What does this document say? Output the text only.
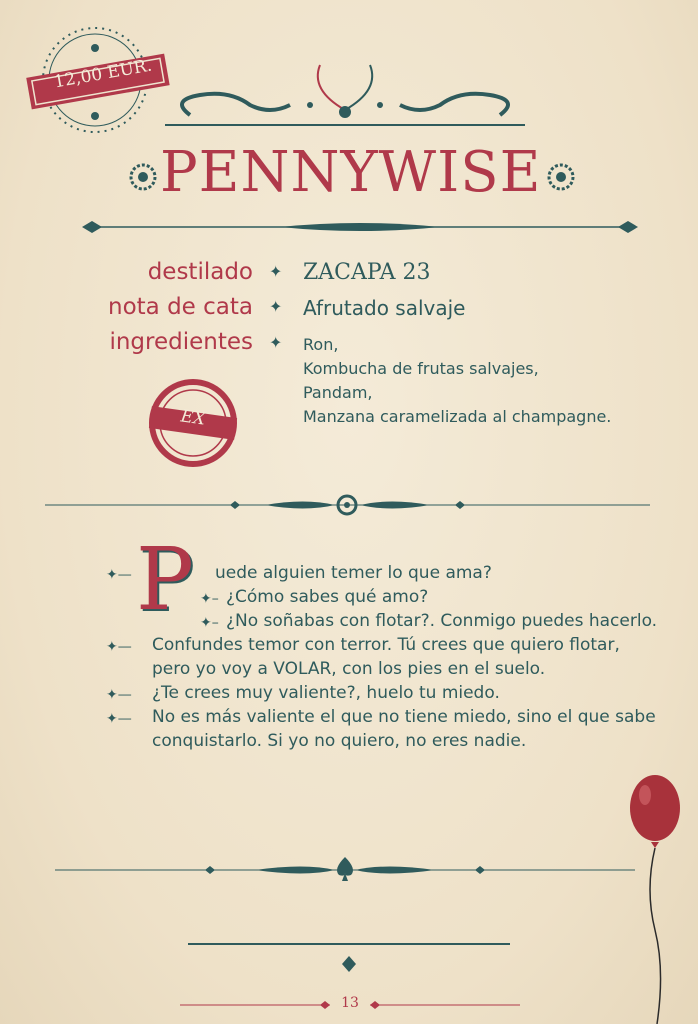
12,00 EUR.
PENNYWISE
destilado ✦ ZACAPA 23
nota de cata ✦ Afrutado salvaje
ingredientes ✦ Ron,
Kombucha de frutas salvajes,
Pandam,
Manzana caramelizada al champagne.
EX
P
✦—	uede alguien temer lo que ama?
✦– ¿Cómo sabes qué amo?
✦– ¿No soñabas con flotar?. Conmigo puedes hacerlo.
✦— Confundes temor con terror. Tú crees que quiero flotar,
pero yo voy a VOLAR, con los pies en el suelo.
✦— ¿Te crees muy valiente?, huelo tu miedo.
✦— No es más valiente el que no tiene miedo, sino el que sabe
conquistarlo. Si yo no quiero, no eres nadie.
13
